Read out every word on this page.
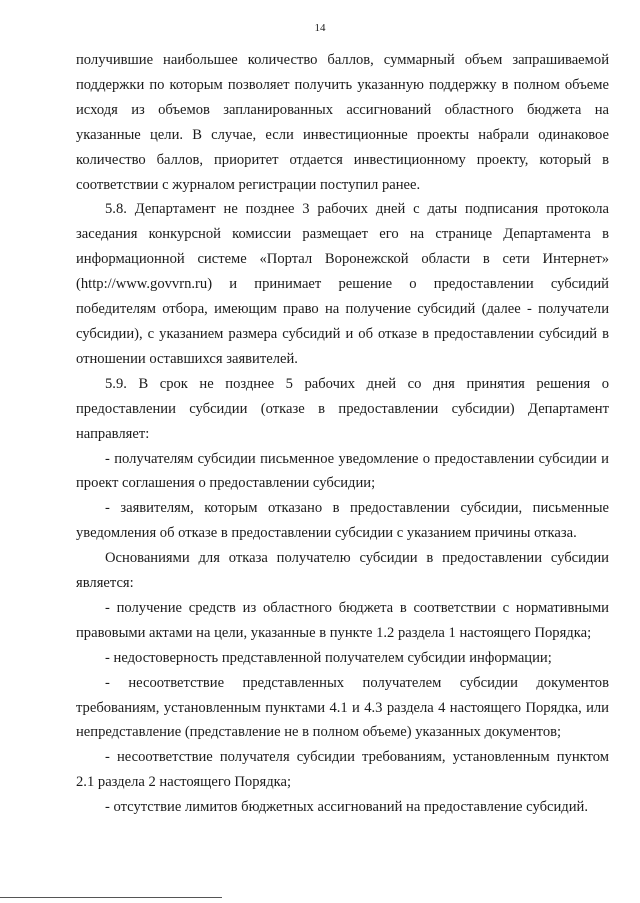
14

получившие наибольшее количество баллов, суммарный объем запрашиваемой поддержки по которым позволяет получить указанную поддержку в полном объеме исходя из объемов запланированных ассигнований областного бюджета на указанные цели. В случае, если инвестиционные проекты набрали одинаковое количество баллов, приоритет отдается инвестиционному проекту, который в соответствии с журналом регистрации поступил ранее.

5.8. Департамент не позднее 3 рабочих дней с даты подписания протокола заседания конкурсной комиссии размещает его на странице Департамента в информационной системе «Портал Воронежской области в сети Интернет» (http://www.govvrn.ru) и принимает решение о предоставлении субсидий победителям отбора, имеющим право на получение субсидий (далее - получатели субсидии), с указанием размера субсидий и об отказе в предоставлении субсидий в отношении оставшихся заявителей.

5.9. В срок не позднее 5 рабочих дней со дня принятия решения о предоставлении субсидии (отказе в предоставлении субсидии) Департамент направляет:

- получателям субсидии письменное уведомление о предоставлении субсидии и проект соглашения о предоставлении субсидии;

- заявителям, которым отказано в предоставлении субсидии, письменные уведомления об отказе в предоставлении субсидии с указанием причины отказа.

Основаниями для отказа получателю субсидии в предоставлении субсидии является:

- получение средств из областного бюджета в соответствии с нормативными правовыми актами на цели, указанные в пункте 1.2 раздела 1 настоящего Порядка;

- недостоверность представленной получателем субсидии информации;

- несоответствие представленных получателем субсидии документов требованиям, установленным пунктами 4.1 и 4.3 раздела 4 настоящего Порядка, или непредставление (представление не в полном объеме) указанных документов;

- несоответствие получателя субсидии требованиям, установленным пунктом 2.1 раздела 2 настоящего Порядка;

- отсутствие лимитов бюджетных ассигнований на предоставление субсидий.
